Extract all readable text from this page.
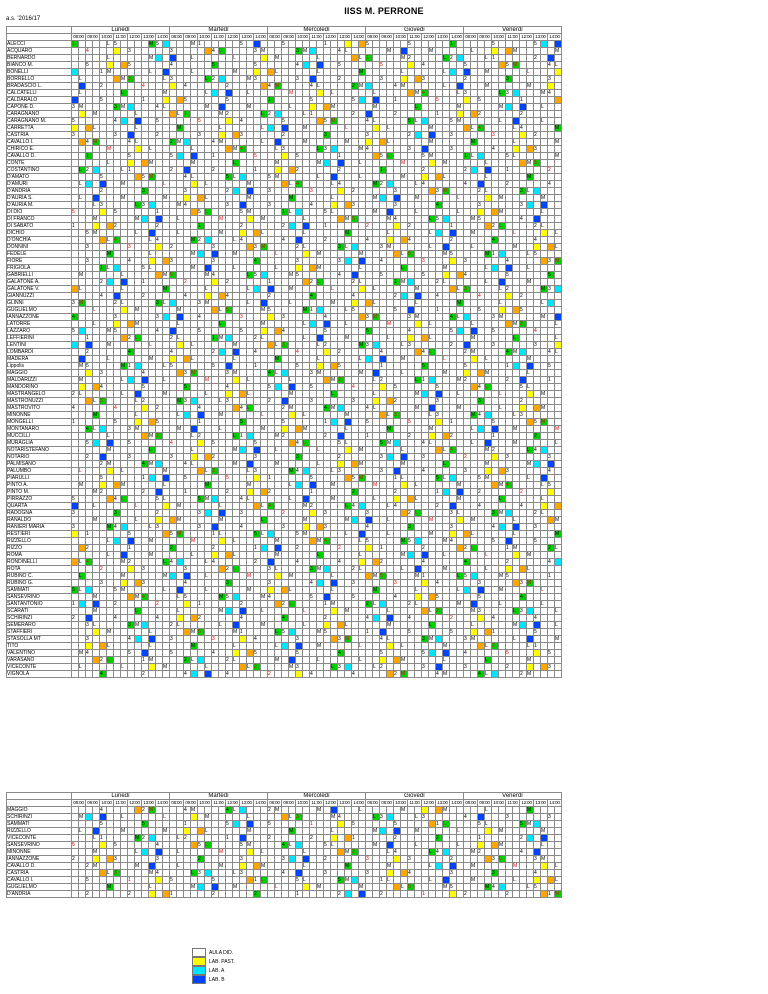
IISS M. PERRONE
a.s. '2016/17
	Lunedì	Martedì	Mercoledì	Giovedì	Venerdì
	08:00	09:00	10:00	11:00	12:00	13:00	14:00	08:00	09:00	10:00	11:00	12:00	13:00	14:00	08:00	09:00	10:00	11:00	12:00	13:00	14:00	08:00	09:00	10:00	11:00	12:00	13:00	14:00	08:00	09:00	10:00	11:00	12:00	13:00	14:00
ALECCI	1					L	5					M	5					M	1						5						5						1						5						5						1						5						5			
ACQUARO			4						3						3						4	L					3	M					3	M					4	L						M						M						L						M						M
BERNARDO						L						M						L						L						M						L						L	1					M	2					L	2					L	1						2			
BIANCO M.			5						5						4						5						5						4						5						5						4						5						5	M					4	L
BONELLI					1	M						L						L						M						L						L						M						L						L						M						L				
BORRELLO		L						M	3					L	3					L	2					M	3						3						2						3						3						2						3						3	
BRADASCIO L.					2						4						4						2						4	M					4	L					2	M					4	M						L						M						M				
CALCATELLI		L						L						M						L						L						M						L						L						M	4					L	3					L	3					M	4	
CALDARALO					5						1						5						5						1						5						5						1						5						5						1					
CAPONE D.	3	M					3	M					4	L						M						M						L						M						M						L						M						M						L		
CARAGNANO				M						L						L	1					M	2					L	2					L	1						2						2						1						2						2					
CARAGNANO M.	5						4						5						5						4						5						5	M					4	L					5	L					5	M						L						L		
CARRETTA				L						L						M						L						L						M						L						L						M						L	4					L	4					M
CASTRIA	3						3						2						3						3						2						3						3						2						3						3						2			
CAVALLO I.			4	M					4	L					2	M					4	M						L						M						M						L						M						M						L						M
CHIRICO E.						M						L						L						M	4					L	3					L	3					M	4						3						3						4						3			
CAVALLO D.			1						5						5						1						5						5						1						5	L					5	M					1	L					5	L						M
CONTE						L						M						M						L						M						M						L						M						M						L						M	5			
COSTANTINO		L	2					L	1						2						2						1						2						2						1						2						2						1						2	
D'AMATO					5						5	M					4	L					5	L					5	M						L						L						M						L						L						M				
D'AMURI		L						M						L						L						M						L	4					L	4					M	2					L	4						4						2						4	
D'ANDRIA					2						3						3						2						3						3						2						3						3	M					2	L					3	L				
D'AURIA S.		L						M						M						L						M						M						L						M						M						L						M						M		
D'AURIA M.				L	3					L	3					M	4						3						3						4						3						3						4						3						3					
DI DIO	5						5						1						5	L					5	M					1	L					5	L						M						L						L						M						L		
DI FRANCO				M						M						L						M						M						L						M	5					M	4					L	5					M	5						4					
DI SABATO	1						2						2						1						2						2						1						2						2						1						2	L					2	L		
DICHIO			5	M						L						L						M						L						L						M						L						L						M						L						L
D'ONCHIA						L	4					L	4					M	2					L	4						4						2						4						4						2						4						4			
DONNINI			3						3						2						3						3	M					2	L					3	L					3	M						L						L						M						L
FEDELE						M						L						M						M						L						M						M						L	5					M	5					M	1					L	5			
FIORE			3						4						3						3						4						3						3						4						3						3						4						3	M
FRIGIOLA					1	L					5	L						M						L						L						M						L						L						M						L						L				
GABRIELLI		M						L						M	5					M	4					L	5					M	5						4						5						5						4						5						5	
GALATONE A.					2						1						2						2						1						2	L					2	L					1	M					2	L						L						M				
GALATONE V.		L						L						M						L						L						M						L						L						M						L	3					L	2					M	3	
GIANNUZZI					4						2						4						4						2						4						4						2						4						4						2					
GLINNI	3	M					2	L					3	L					3	M						L						L						M						L						L						M						L						L		
GUGLIELMO				L						M						M						L	5					M	5					M	1					L	5						5						1						5						5					
IANNAZZONE	4						3						3						4						3						3						4						3	M					3	M					4	L					3	M						M		
LATORRE				L						M						L						L						M						L						L						M						L						L						M	2					L
LAZZARO	5					M	5						4						5						5						4						5						5						4						5						5						4			
LEFFIERINI			1						2	L					2	L					1	M					2	L						L						M						L						L						M						L						L
LENTINI						M						L						L						M						L	3					L	2					M	3					L	3						2						3						3			
LOMBARDI			2						4						4						2						4						4						2						4						4	L					2	M					4	M					4	L
MADERA						L						M						L						L						M						L						L						M						L						L						M				
Lippolis		M	5					M	1					L	5						5						1						5						5						1						5						5						1						5	
MAGGIO					3						4						3	M					3	M					4	L					3	M						M						L						M						M						L				
MALDARIZZI		M						L						L						M						L						L						M	2					L	2					L	1					M	2						2						1	
MANDORINO					4						5						5						4						5						5						4						5						5						4	L					5	L				
MASTRANGELO	2	L						L						M						L						L						M						L						L						M						L						L						M		
MASTRONUZZI				L	3					L	2					M	3					L	3						2						3						3						2						3						3						2					
MASTROVITO	4						4						2						4						4	L					2	M					4	M					4	L						M						M						L						M		
MINONNE				M						L						L						M						L						L						M						L	3					L	3					M	4					L	3					
MONGELLI	1						5						5						1						5						5						1						5						5						1						5						5	M		
MONTANARO			4	L					3	M						M						L						M						M						L						M						M						L						M						M
MUCCILLI						L						M	2					L	2					L	1					M	2						2						1						2						2						1						2			
MURAGLIA			5						5						4						5						5						4	L					5	L					5	M					4	L						L						M						L
NOTARISTEFANO						M						L						L						M						L						L						M						L						L	4					M	2					L	4			
NOTARIO			2						3						3						2						3						3						2						3						3						2						3						3	
PALMISANO					2	M					4	M					4	L						M						M						L						M						M						L						M						M				
PALUMBO		L						L						M						L	3					L	3					M	4					L	3						3						4						3						3						4	
PIARULLI					5						1						5						5						1						5						5	M					1	L					5	L					5	M						L				
PINTO A.		M						M						L						M						M						L						M						M						L						M						M	4					L	5	
PINTO M.				M	2						2						1						2						2						1						2						2						1						2						2					
PIRRAZZO	5						4	L					5	L					5	M					4	L						L						M						L						L						M						L						L		
QUARTA				L						L						M						L						L	4					M	2					L	4					L	4						2						4						4					
RADOGNA	3						3						2						3						3						2						3						3						2	L					3	L					3	M					2	L		
RANALDO				M						L						M						M						L						M						M						L						M						M						L						M
RANIERI MARIA	3					M	4					L	3						3						4						3						3						4						3						3						4						3			
RESTIERI			1						5						5	M					1	L					5	L					5	M						L						L						M						L						L						M
RIZZELLO						L						M						M						L						M						M	4					L	5					M	5					M	4						5						5			
RIZZO			2						1						2						2						1						2						2						1						2						2	L					1	M					2	L
ROMA						L						M						L						L						M						L						L						M						L						L						M				
RONDINELLI		L	4					M	2					L	4					L	4						2						4						4						2						4						4						2						4	
ROTA					2						3						3						2	L					3	L					3	M					2	L						L						M						L						L				
RUBINO C.		L						M						M						L						M						M						L						M	5					M	1					L	5					M	5						1	
RUBINO G.					3						3						4						3						3						4						3						3						4						3						3	M				
SAMMATI	5	L					5	M						L						L						M						L						L						M						L						L						M						L		
SANSEVRINO				M						M	4					L	5					M	5					M	4						5						5						4						5						5						4					
SANTANTONIO	1						2						2						1						2						2	L					1	M					2	L					2	L						M						L						L		
SCARATI				M						L						L						M						L						L						M						L						L	2					M	3					L	3					L
SCHIRINZI	2						4						4						2						4						4						2						4						4						2						4						4			
SEMERARO			3	L					3	M					2	L						L						M						L						L						M						L						L						M						L
STAFFIERI						M						L						M	5					M	1					L	5					M	5						1						5						5						1						5			
STASOLLA MT			3						4						3						3						4						3						3	M					4	L					3	M					3	M						L						M
TITO						L						L						M						L						L						M						L						L						M						L	2					L	1			
VALENTINO		M	4						5						5						4						5						5						4						5						5						4						5						5	
VARASANO					2	L					1	M					2	L					2	L						M						L						L						M						L						L						M				
VICECONTE		L						L						M						L						L	2					M	3					L	3					L	2						3						3						2						3	
VIGNOLA					4						2						4						4						2						4						4						2	M					4	M					4	L					2	M				
	Lunedì	Martedì	Mercoledì	Giovedì	Venerdì
	08:00	09:00	10:00	11:00	12:00	13:00	14:00	08:00	09:00	10:00	11:00	12:00	13:00	14:00	08:00	09:00	10:00	11:00	12:00	13:00	14:00	08:00	09:00	10:00	11:00	12:00	13:00	14:00	08:00	09:00	10:00	11:00	12:00	13:00	14:00
MAGGIO					4						2	M					4	M					4	L					2	M						M						L						M						M						L						M				
SCHIRINZI		M						L						L						M						L						L	3					M	4					L	3					L	3						4						3						3	
SAMMATI					5						5						1						5						5						1						5						5						1	L					5	L					5	M				
RIZZELLO		L						M						M						L						M						M						L						M						M						L						M						M		
VICECONTE				L	1					M	2					L	2						1						2						2						1						2						2						1						2					
SANSEVRINO	5						5						4						5	L					5	M					4	L					5	L						M						L						L						M						L		
MINONNE				M						L						L						M						L						L						M	2					L	4					L	4					M	2						4					
IANNAZZONE	2						3						3						2						3						3						2						3						3						2						3	L					3	M		
CAVALLO D.			2	M						M						L						M						M						L						M						M						L						M						M						L
CASTRIA						L	3					M	4					L	3					L	3						4						3						3						4						3						3						4			
CAVALLO I.			5						1						5						5						1	L					5	L					5	M					1	L						L						M						L						L
GUGLIELMO						M						L						M						M						L						M						M						L	5					M	5					M	4					L	5			
D'ANDRIA			2						2						1						2						2						1						2						2						1						2						2						1	M
AULA DID.
LAB. PAST.
LAB. A
LAB. B
